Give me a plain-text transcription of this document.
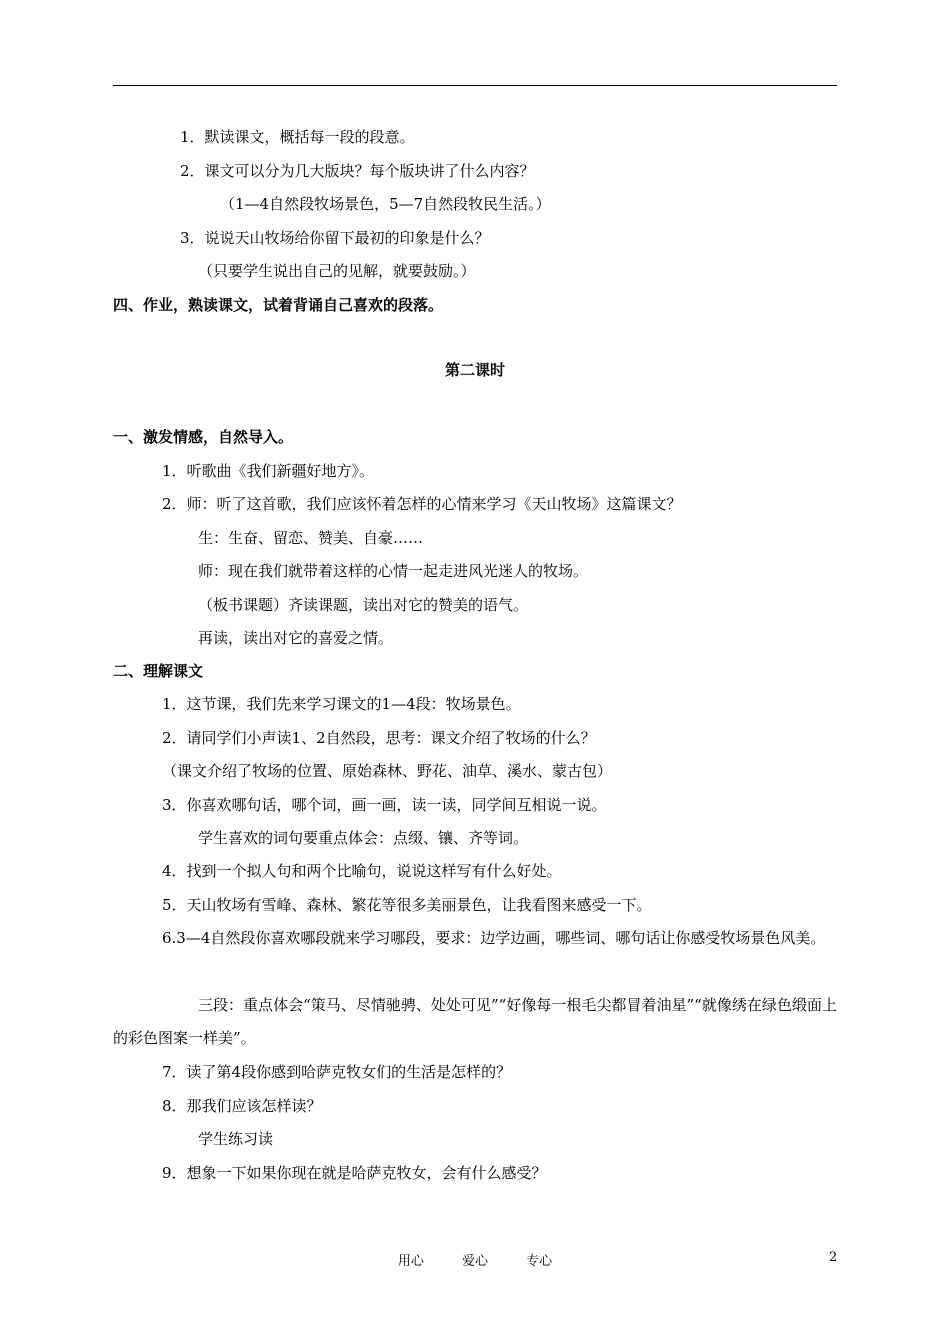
1．默读课文，概括每一段的段意。
2．课文可以分为几大版块？每个版块讲了什么内容？
（1—4自然段牧场景色，5—7自然段牧民生活。）
3．说说天山牧场给你留下最初的印象是什么？
（只要学生说出自己的见解，就要鼓励。）
四、作业，熟读课文，试着背诵自己喜欢的段落。
第二课时
一、激发情感，自然导入。
1．听歌曲《我们新疆好地方》。
2．师：听了这首歌，我们应该怀着怎样的心情来学习《天山牧场》这篇课文？
生：生奋、留恋、赞美、自豪……
师：现在我们就带着这样的心情一起走进风光迷人的牧场。
（板书课题）齐读课题，读出对它的赞美的语气。
再读，读出对它的喜爱之情。
二、理解课文
1．这节课，我们先来学习课文的1—4段：牧场景色。
2．请同学们小声读1、2自然段，思考：课文介绍了牧场的什么？
（课文介绍了牧场的位置、原始森林、野花、油草、溪水、蒙古包）
3．你喜欢哪句话，哪个词，画一画，读一读，同学间互相说一说。
学生喜欢的词句要重点体会：点缀、镶、齐等词。
4．找到一个拟人句和两个比喻句，说说这样写有什么好处。
5．天山牧场有雪峰、森林、繁花等很多美丽景色，让我看图来感受一下。
6.3—4自然段你喜欢哪段就来学习哪段，要求：边学边画，哪些词、哪句话让你感受牧场景色风美。
三段：重点体会“策马、尽情驰骋、处处可见”“好像每一根毛尖都冒着油星”“就像绣在绿色缎面上的彩色图案一样美”。
7．读了第4段你感到哈萨克牧女们的生活是怎样的？
8．那我们应该怎样读？
学生练习读
9．想象一下如果你现在就是哈萨克牧女，会有什么感受？
用心	爱心	专心	2
